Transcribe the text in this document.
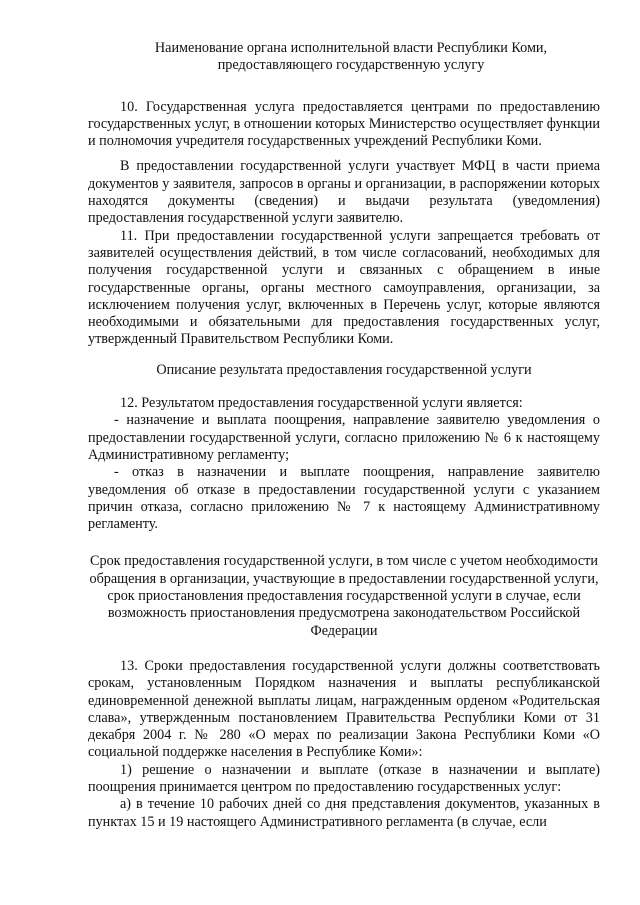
Наименование органа исполнительной власти Республики Коми, предоставляющего государственную услугу

10. Государственная услуга предоставляется центрами по предоставлению государственных услуг, в отношении которых Министерство осуществляет функции и полномочия учредителя государственных учреждений Республики Коми.

В предоставлении государственной услуги участвует МФЦ в части приема документов у заявителя, запросов в органы и организации, в распоряжении которых находятся документы (сведения) и выдачи результата (уведомления) предоставления государственной услуги заявителю.

11. При предоставлении государственной услуги запрещается требовать от заявителей осуществления действий, в том числе согласований, необходимых для получения государственной услуги и связанных с обращением в иные государственные органы, органы местного самоуправления, организации, за исключением получения услуг, включенных в Перечень услуг, которые являются необходимыми и обязательными для предоставления государственных услуг, утвержденный Правительством Республики Коми.

Описание результата предоставления государственной услуги

12. Результатом предоставления государственной услуги является:

- назначение и выплата поощрения, направление заявителю уведомления о предоставлении государственной услуги, согласно приложению № 6 к настоящему Административному регламенту;

- отказ в назначении и выплате поощрения, направление заявителю уведомления об отказе в предоставлении государственной услуги с указанием причин отказа, согласно приложению № 7 к настоящему Административному регламенту.

Срок предоставления государственной услуги, в том числе с учетом необходимости обращения в организации, участвующие в предоставлении государственной услуги, срок приостановления предоставления государственной услуги в случае, если возможность приостановления предусмотрена законодательством Российской Федерации

13. Сроки предоставления государственной услуги должны соответствовать срокам, установленным Порядком назначения и выплаты республиканской единовременной денежной выплаты лицам, награжденным орденом «Родительская слава», утвержденным постановлением Правительства Республики Коми от 31 декабря 2004 г. № 280 «О мерах по реализации Закона Республики Коми «О социальной поддержке населения в Республике Коми»:

1) решение о назначении и выплате (отказе в назначении и выплате) поощрения принимается центром по предоставлению государственных услуг:

а) в течение 10 рабочих дней со дня представления документов, указанных в пунктах 15 и 19 настоящего Административного регламента (в случае, если
